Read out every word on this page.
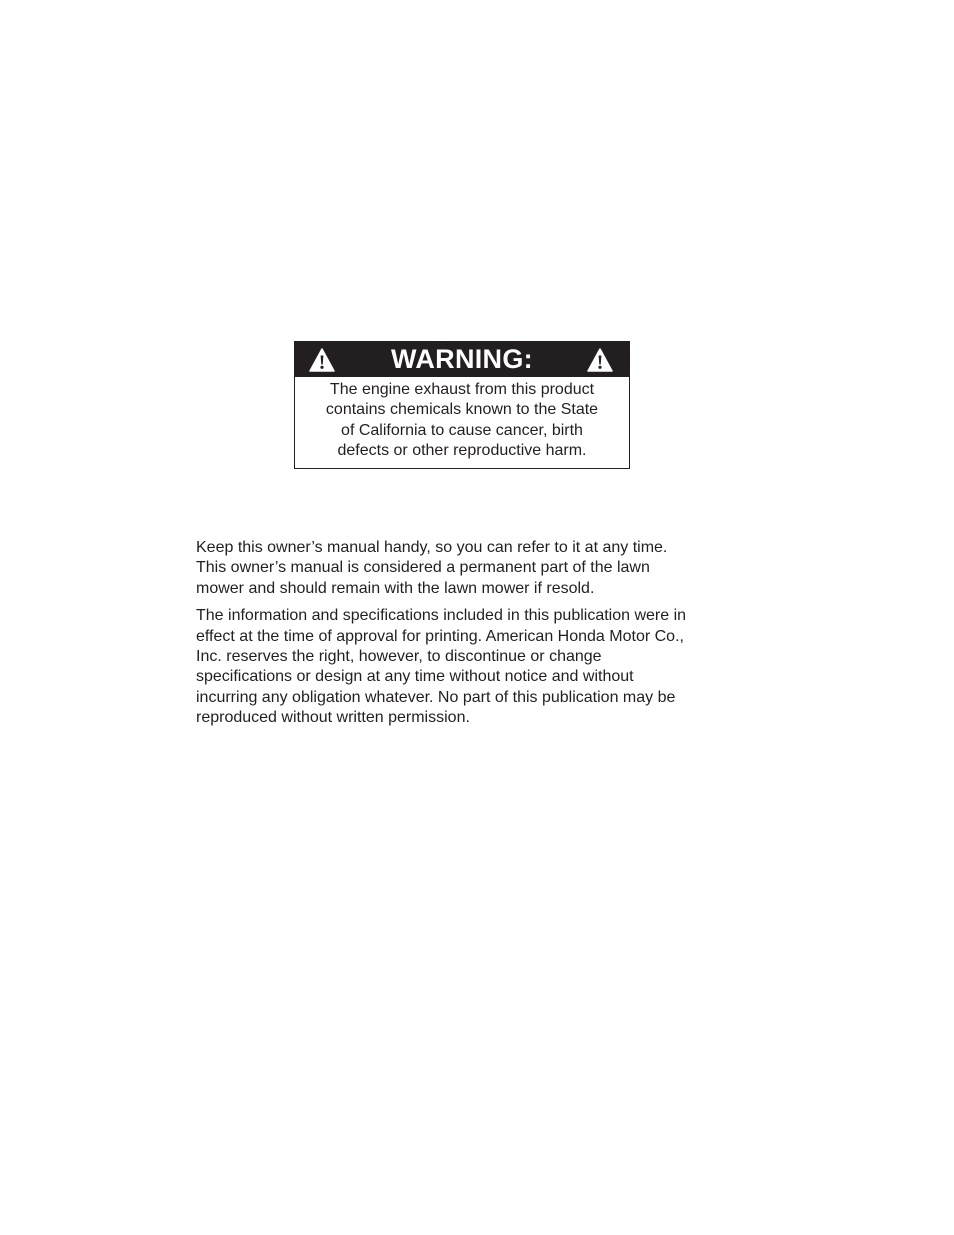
WARNING:
The engine exhaust from this product
contains chemicals known to the State
of California to cause cancer, birth
defects or other reproductive harm.

Keep this owner’s manual handy, so you can refer to it at any time.
This owner’s manual is considered a permanent part of the lawn
mower and should remain with the lawn mower if resold.

The information and specifications included in this publication were in
effect at the time of approval for printing. American Honda Motor Co.,
Inc. reserves the right, however, to discontinue or change
specifications or design at any time without notice and without
incurring any obligation whatever. No part of this publication may be
reproduced without written permission.
